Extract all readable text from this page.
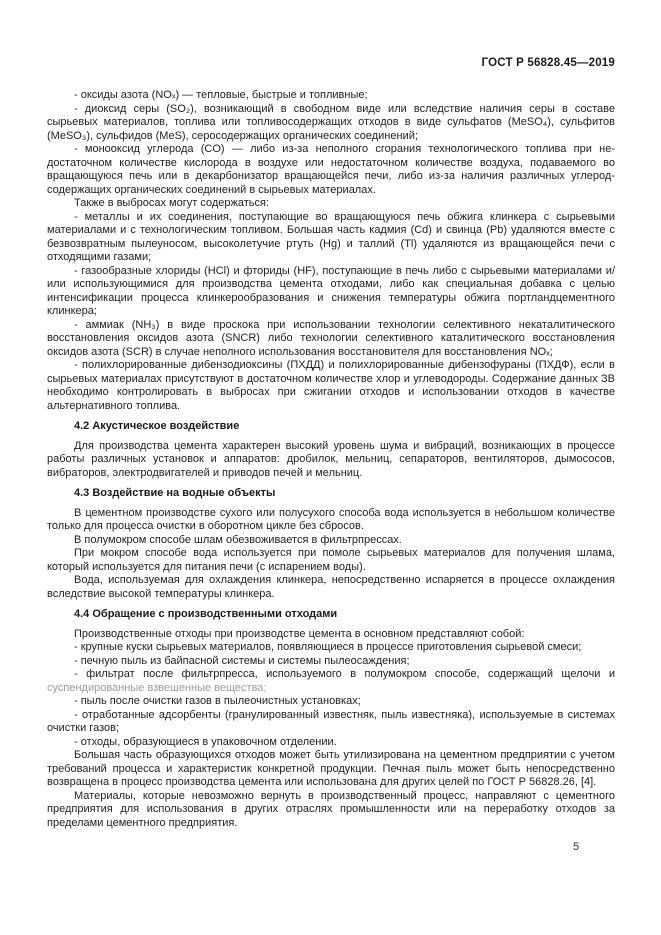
ГОСТ Р 56828.45—2019

- оксиды азота (NOₓ) — тепловые, быстрые и топливные;

- диоксид серы (SO₂), возникающий в свободном виде или вследствие наличия серы в составе сырьевых материалов, топлива или топливосодержащих отходов в виде сульфатов (MeSO₄), сульфитов (MeSO₃), сульфидов (MeS), серосодержащих органических соединений;

- монооксид углерода (CO) — либо из-за неполного сгорания технологического топлива при недостаточном количестве кислорода в воздухе или недостаточном количестве воздуха, подаваемого во вращающуюся печь или в декарбонизатор вращающейся печи, либо из-за наличия различных углеродсодержащих органических соединений в сырьевых материалах.

Также в выбросах могут содержаться:

- металлы и их соединения, поступающие во вращающуюся печь обжига клинкера с сырьевыми материалами и с технологическим топливом. Большая часть кадмия (Cd) и свинца (Pb) удаляются вместе с безвозвратным пылеуносом, высоколетучие ртуть (Hg) и таллий (Tl) удаляются из вращающейся печи с отходящими газами;

- газообразные хлориды (HCl) и фториды (HF), поступающие в печь либо с сырьевыми материалами и/или использующимися для производства цемента отходами, либо как специальная добавка с целью интенсификации процесса клинкерообразования и снижения температуры обжига портландцементного клинкера;

- аммиак (NH₃) в виде проскока при использовании технологии селективного некаталитического восстановления оксидов азота (SNCR) либо технологии селективного каталитического восстановления оксидов азота (SCR) в случае неполного использования восстановителя для восстановления NOₓ;

- полихлорированные дибензодиоксины (ПХДД) и полихлорированные дибензофураны (ПХДФ), если в сырьевых материалах присутствуют в достаточном количестве хлор и углеводороды. Содержание данных ЗВ необходимо контролировать в выбросах при сжигании отходов и использовании отходов в качестве альтернативного топлива.

4.2 Акустическое воздействие

Для производства цемента характерен высокий уровень шума и вибраций, возникающих в процессе работы различных установок и аппаратов: дробилок, мельниц, сепараторов, вентиляторов, дымососов, вибраторов, электродвигателей и приводов печей и мельниц.

4.3 Воздействие на водные объекты

В цементном производстве сухого или полусухого способа вода используется в небольшом количестве только для процесса очистки в оборотном цикле без сбросов.

В полумокром способе шлам обезвоживается в фильтрпрессах.

При мокром способе вода используется при помоле сырьевых материалов для получения шлама, который используется для питания печи (с испарением воды).

Вода, используемая для охлаждения клинкера, непосредственно испаряется в процессе охлаждения вследствие высокой температуры клинкера.

4.4 Обращение с производственными отходами

Производственные отходы при производстве цемента в основном представляют собой:

- крупные куски сырьевых материалов, появляющиеся в процессе приготовления сырьевой смеси;

- печную пыль из байпасной системы и системы пылеосаждения;

- фильтрат после фильтрпресса, используемого в полумокром способе, содержащий щелочи и суспендированные взвешенные вещества;

- пыль после очистки газов в пылеочистных установках;

- отработанные адсорбенты (гранулированный известняк, пыль известняка), используемые в системах очистки газов;

- отходы, образующиеся в упаковочном отделении.

Большая часть образующихся отходов может быть утилизирована на цементном предприятии с учетом требований процесса и характеристик конкретной продукции. Печная пыль может быть непосредственно возвращена в процесс производства цемента или использована для других целей по ГОСТ Р 56828.26, [4].

Материалы, которые невозможно вернуть в производственный процесс, направляют с цементного предприятия для использования в других отраслях промышленности или на переработку отходов за пределами цементного предприятия.

5
